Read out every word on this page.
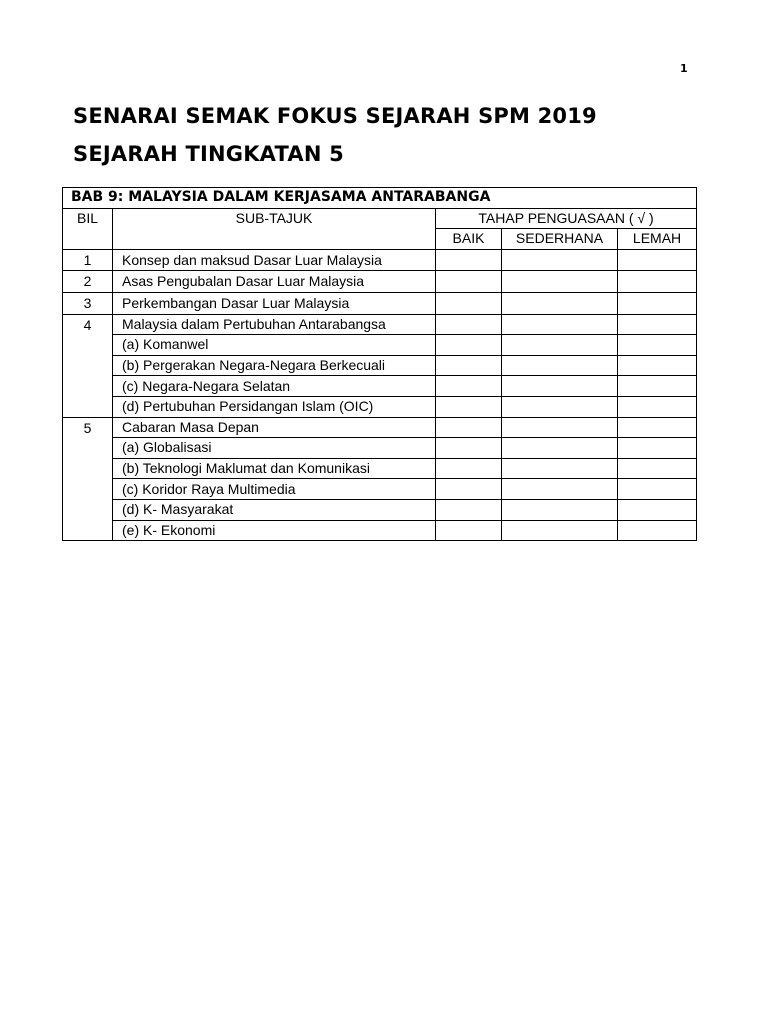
1
SENARAI SEMAK FOKUS SEJARAH SPM 2019
SEJARAH TINGKATAN 5
BAB 9: MALAYSIA DALAM KERJASAMA ANTARABANGA				
BIL	SUB-TAJUK	TAHAP PENGUASAAN ( √ )		
		BAIK	SEDERHANA	LEMAH
1	Konsep dan maksud Dasar Luar Malaysia			
2	Asas Pengubalan Dasar Luar Malaysia			
3	Perkembangan Dasar Luar Malaysia			
4	Malaysia dalam Pertubuhan Antarabangsa			
	(a) Komanwel			
	(b) Pergerakan Negara-Negara Berkecuali			
	(c) Negara-Negara Selatan			
	(d) Pertubuhan Persidangan Islam (OIC)			
5	Cabaran Masa Depan			
	(a) Globalisasi			
	(b) Teknologi Maklumat dan Komunikasi			
	(c) Koridor Raya Multimedia			
	(d) K- Masyarakat			
	(e) K- Ekonomi			
